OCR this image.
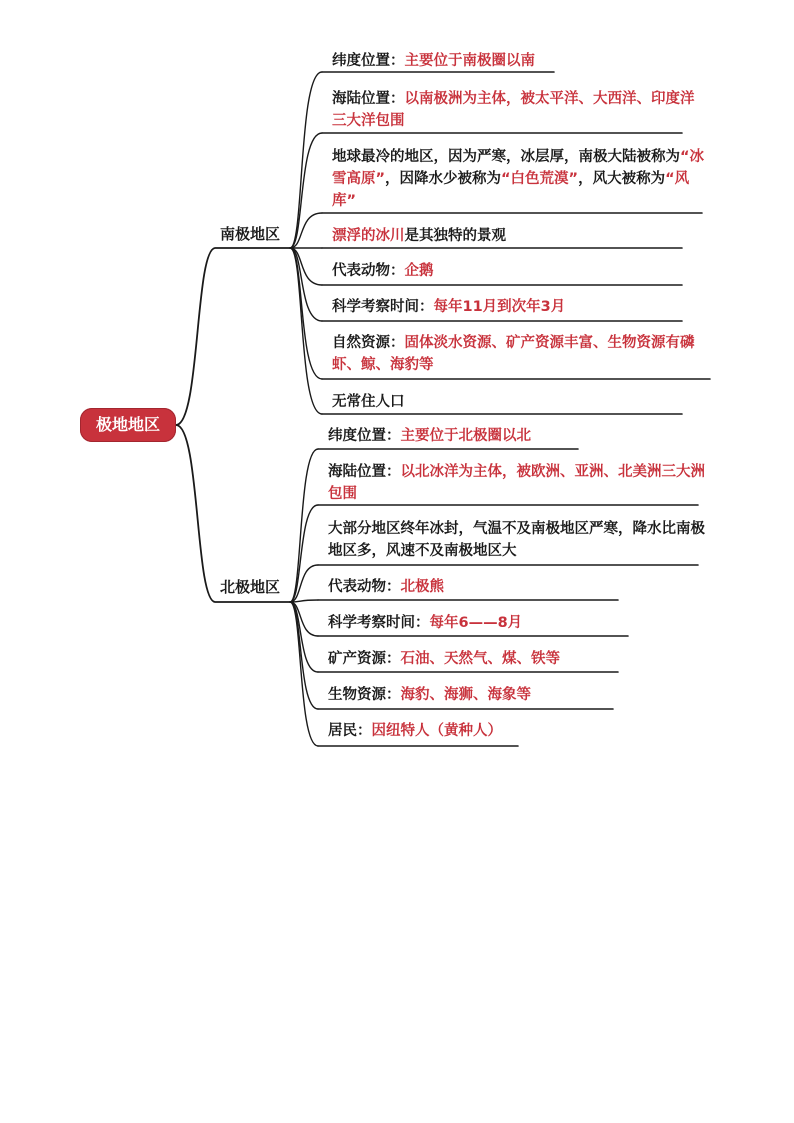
极地地区
南极地区
北极地区
纬度位置：主要位于南极圈以南
海陆位置：以南极洲为主体，被太平洋、大西洋、印度洋三大洋包围
地球最冷的地区，因为严寒，冰层厚，南极大陆被称为“冰雪高原”，因降水少被称为“白色荒漠”，风大被称为“风库”
漂浮的冰川是其独特的景观
代表动物：企鹅
科学考察时间：每年11月到次年3月
自然资源：固体淡水资源、矿产资源丰富、生物资源有磷虾、鲸、海豹等
无常住人口
纬度位置：主要位于北极圈以北
海陆位置：以北冰洋为主体，被欧洲、亚洲、北美洲三大洲包围
大部分地区终年冰封，气温不及南极地区严寒，降水比南极地区多，风速不及南极地区大
代表动物：北极熊
科学考察时间：每年6——8月
矿产资源：石油、天然气、煤、铁等
生物资源：海豹、海狮、海象等
居民：因纽特人（黄种人）
